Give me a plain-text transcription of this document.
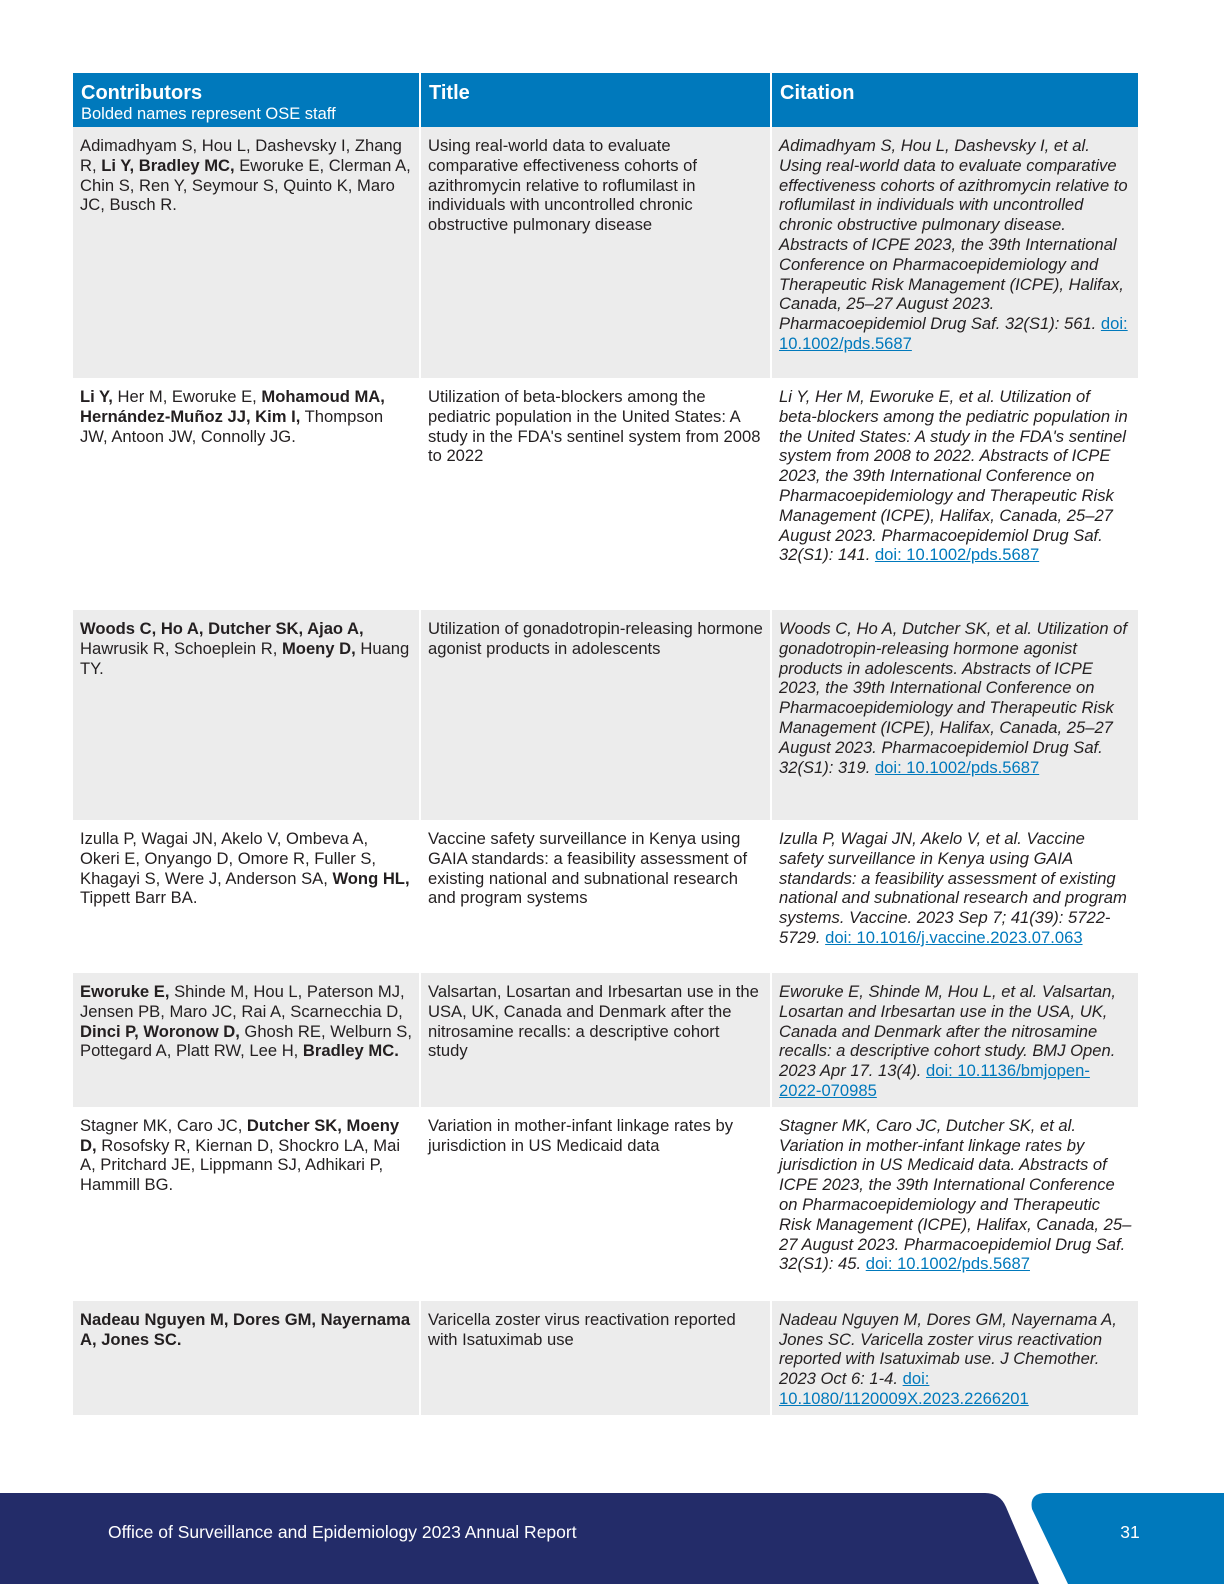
Contributors
Bolded names represent OSE staff	Title	Citation

Adimadhyam S, Hou L, Dashevsky I, Zhang R, Li Y, Bradley MC, Eworuke E, Clerman A, Chin S, Ren Y, Seymour S, Quinto K, Maro JC, Busch R.	Using real-world data to evaluate comparative effectiveness cohorts of azithromycin relative to roflumilast in individuals with uncontrolled chronic obstructive pulmonary disease	Adimadhyam S, Hou L, Dashevsky I, et al. Using real-world data to evaluate comparative effectiveness cohorts of azithromycin relative to roflumilast in individuals with uncontrolled chronic obstructive pulmonary disease. Abstracts of ICPE 2023, the 39th International Conference on Pharmacoepidemiology and Therapeutic Risk Management (ICPE), Halifax, Canada, 25–27 August 2023. Pharmacoepidemiol Drug Saf. 32(S1): 561. doi: 10.1002/pds.5687
Li Y, Her M, Eworuke E, Mohamoud MA, Hernández-Muñoz JJ, Kim I, Thompson JW, Antoon JW, Connolly JG.	Utilization of beta-blockers among the pediatric population in the United States: A study in the FDA's sentinel system from 2008 to 2022	Li Y, Her M, Eworuke E, et al. Utilization of beta-blockers among the pediatric population in the United States: A study in the FDA's sentinel system from 2008 to 2022. Abstracts of ICPE 2023, the 39th International Conference on Pharmacoepidemiology and Therapeutic Risk Management (ICPE), Halifax, Canada, 25–27 August 2023. Pharmacoepidemiol Drug Saf. 32(S1): 141. doi: 10.1002/pds.5687
Woods C, Ho A, Dutcher SK, Ajao A, Hawrusik R, Schoeplein R, Moeny D, Huang TY.	Utilization of gonadotropin-releasing hormone agonist products in adolescents	Woods C, Ho A, Dutcher SK, et al. Utilization of gonadotropin-releasing hormone agonist products in adolescents. Abstracts of ICPE 2023, the 39th International Conference on Pharmacoepidemiology and Therapeutic Risk Management (ICPE), Halifax, Canada, 25–27 August 2023. Pharmacoepidemiol Drug Saf. 32(S1): 319. doi: 10.1002/pds.5687
Izulla P, Wagai JN, Akelo V, Ombeva A, Okeri E, Onyango D, Omore R, Fuller S, Khagayi S, Were J, Anderson SA, Wong HL, Tippett Barr BA.	Vaccine safety surveillance in Kenya using GAIA standards: a feasibility assessment of existing national and subnational research and program systems	Izulla P, Wagai JN, Akelo V, et al. Vaccine safety surveillance in Kenya using GAIA standards: a feasibility assessment of existing national and subnational research and program systems. Vaccine. 2023 Sep 7; 41(39): 5722-5729. doi: 10.1016/j.vaccine.2023.07.063
Eworuke E, Shinde M, Hou L, Paterson MJ, Jensen PB, Maro JC, Rai A, Scarnecchia D, Dinci P, Woronow D, Ghosh RE, Welburn S, Pottegard A, Platt RW, Lee H, Bradley MC.	Valsartan, Losartan and Irbesartan use in the USA, UK, Canada and Denmark after the nitrosamine recalls: a descriptive cohort study	Eworuke E, Shinde M, Hou L, et al. Valsartan, Losartan and Irbesartan use in the USA, UK, Canada and Denmark after the nitrosamine recalls: a descriptive cohort study. BMJ Open. 2023 Apr 17. 13(4). doi: 10.1136/bmjopen-2022-070985
Stagner MK, Caro JC, Dutcher SK, Moeny D, Rosofsky R, Kiernan D, Shockro LA, Mai A, Pritchard JE, Lippmann SJ, Adhikari P, Hammill BG.	Variation in mother-infant linkage rates by jurisdiction in US Medicaid data	Stagner MK, Caro JC, Dutcher SK, et al. Variation in mother-infant linkage rates by jurisdiction in US Medicaid data. Abstracts of ICPE 2023, the 39th International Conference on Pharmacoepidemiology and Therapeutic Risk Management (ICPE), Halifax, Canada, 25–27 August 2023. Pharmacoepidemiol Drug Saf. 32(S1): 45. doi: 10.1002/pds.5687
Nadeau Nguyen M, Dores GM, Nayernama A, Jones SC.	Varicella zoster virus reactivation reported with Isatuximab use	Nadeau Nguyen M, Dores GM, Nayernama A, Jones SC. Varicella zoster virus reactivation reported with Isatuximab use. J Chemother. 2023 Oct 6: 1-4. doi: 10.1080/1120009X.2023.2266201
Office of Surveillance and Epidemiology 2023 Annual Report	31
